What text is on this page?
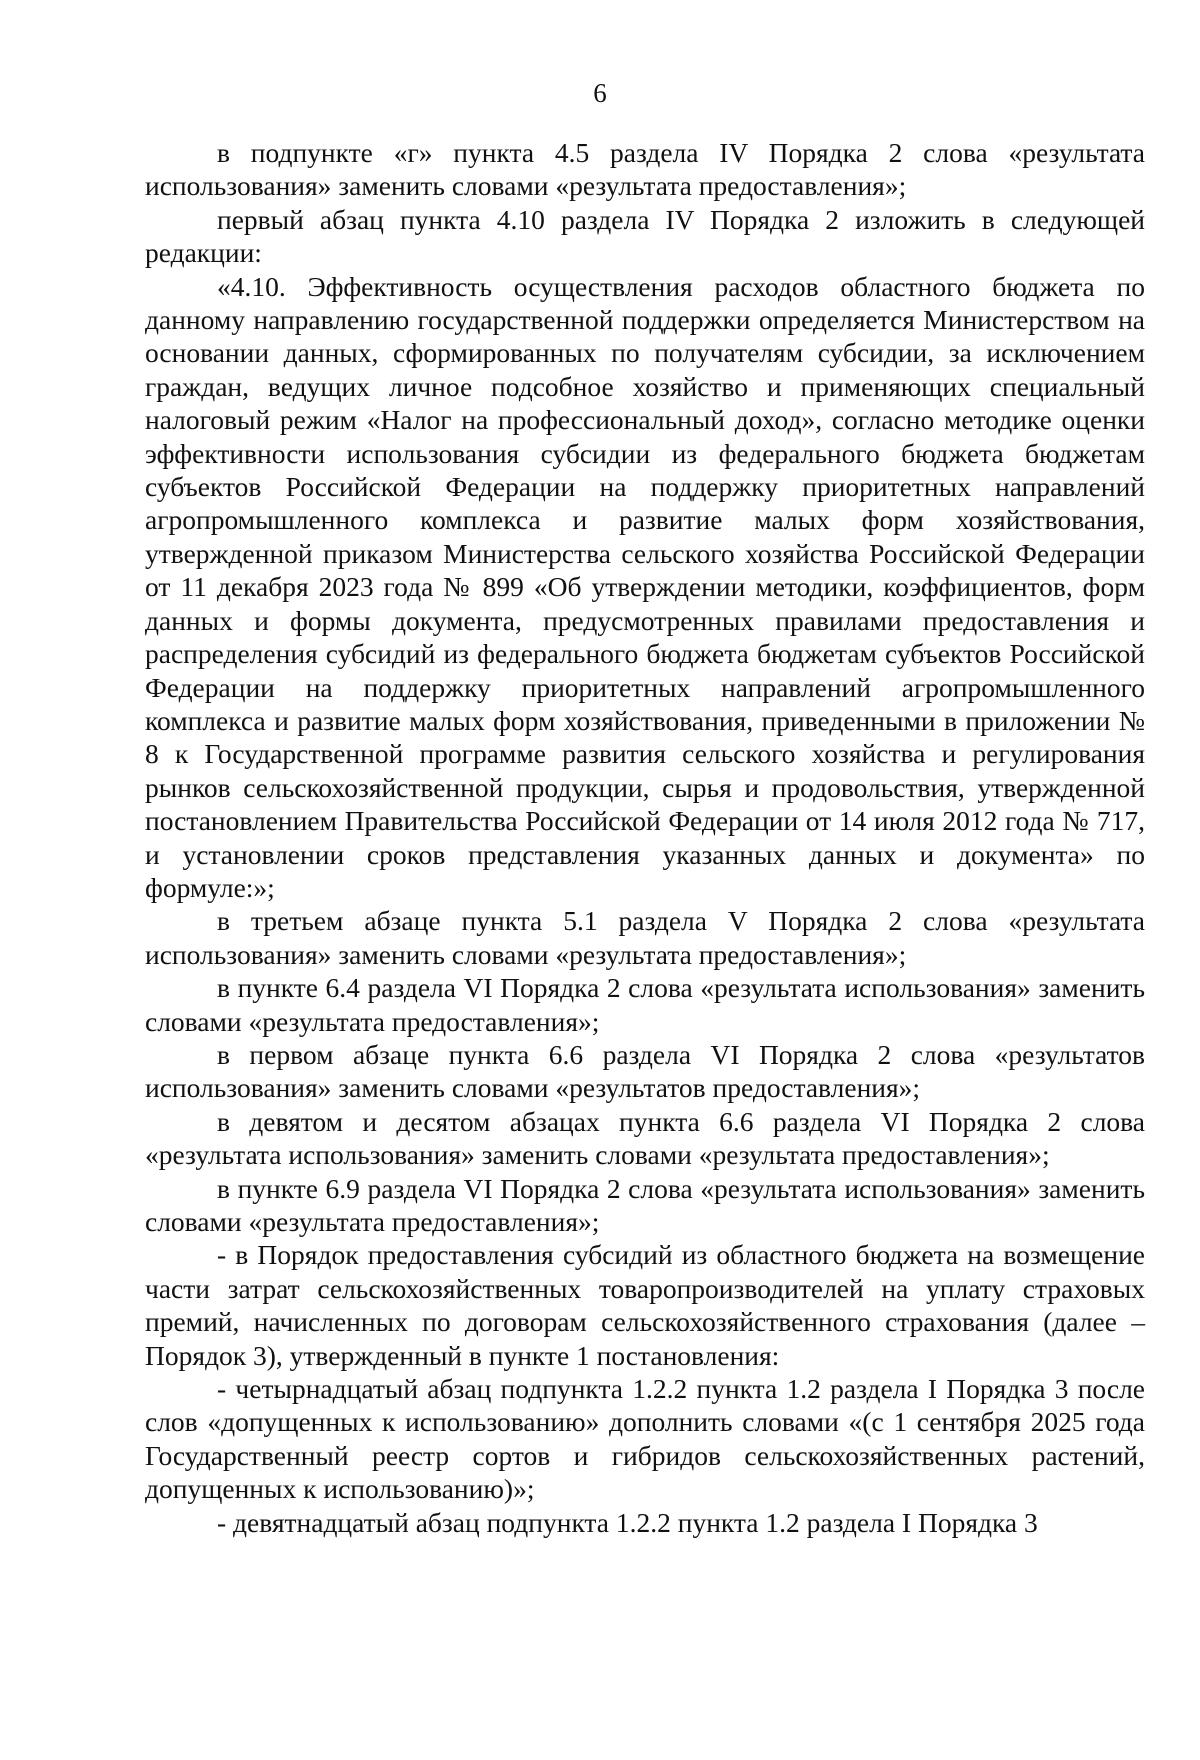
6

в подпункте «г» пункта 4.5 раздела IV Порядка 2 слова «результата использования» заменить словами «результата предоставления»;

первый абзац пункта 4.10 раздела IV Порядка 2 изложить в следующей редакции:

«4.10. Эффективность осуществления расходов областного бюджета по данному направлению государственной поддержки определяется Министерством на основании данных, сформированных по получателям субсидии, за исключением граждан, ведущих личное подсобное хозяйство и применяющих специальный налоговый режим «Налог на профессиональный доход», согласно методике оценки эффективности использования субсидии из федерального бюджета бюджетам субъектов Российской Федерации на поддержку приоритетных направлений агропромышленного комплекса и развитие малых форм хозяйствования, утвержденной приказом Министерства сельского хозяйства Российской Федерации от 11 декабря 2023 года № 899 «Об утверждении методики, коэффициентов, форм данных и формы документа, предусмотренных правилами предоставления и распределения субсидий из федерального бюджета бюджетам субъектов Российской Федерации на поддержку приоритетных направлений агропромышленного комплекса и развитие малых форм хозяйствования, приведенными в приложении № 8 к Государственной программе развития сельского хозяйства и регулирования рынков сельскохозяйственной продукции, сырья и продовольствия, утвержденной постановлением Правительства Российской Федерации от 14 июля 2012 года № 717, и установлении сроков представления указанных данных и документа» по формуле:»;

в третьем абзаце пункта 5.1 раздела V Порядка 2 слова «результата использования» заменить словами «результата предоставления»;

в пункте 6.4 раздела VI Порядка 2 слова «результата использования» заменить словами «результата предоставления»;

в первом абзаце пункта 6.6 раздела VI Порядка 2 слова «результатов использования» заменить словами «результатов предоставления»;

в девятом и десятом абзацах пункта 6.6 раздела VI Порядка 2 слова «результата использования» заменить словами «результата предоставления»;

в пункте 6.9 раздела VI Порядка 2 слова «результата использования» заменить словами «результата предоставления»;

- в Порядок предоставления субсидий из областного бюджета на возмещение части затрат сельскохозяйственных товаропроизводителей на уплату страховых премий, начисленных по договорам сельскохозяйственного страхования (далее – Порядок 3), утвержденный в пункте 1 постановления:

- четырнадцатый абзац подпункта 1.2.2 пункта 1.2 раздела I Порядка 3 после слов «допущенных к использованию» дополнить словами «(с 1 сентября 2025 года Государственный реестр сортов и гибридов сельскохозяйственных растений, допущенных к использованию)»;

- девятнадцатый абзац подпункта 1.2.2 пункта 1.2 раздела I Порядка 3
